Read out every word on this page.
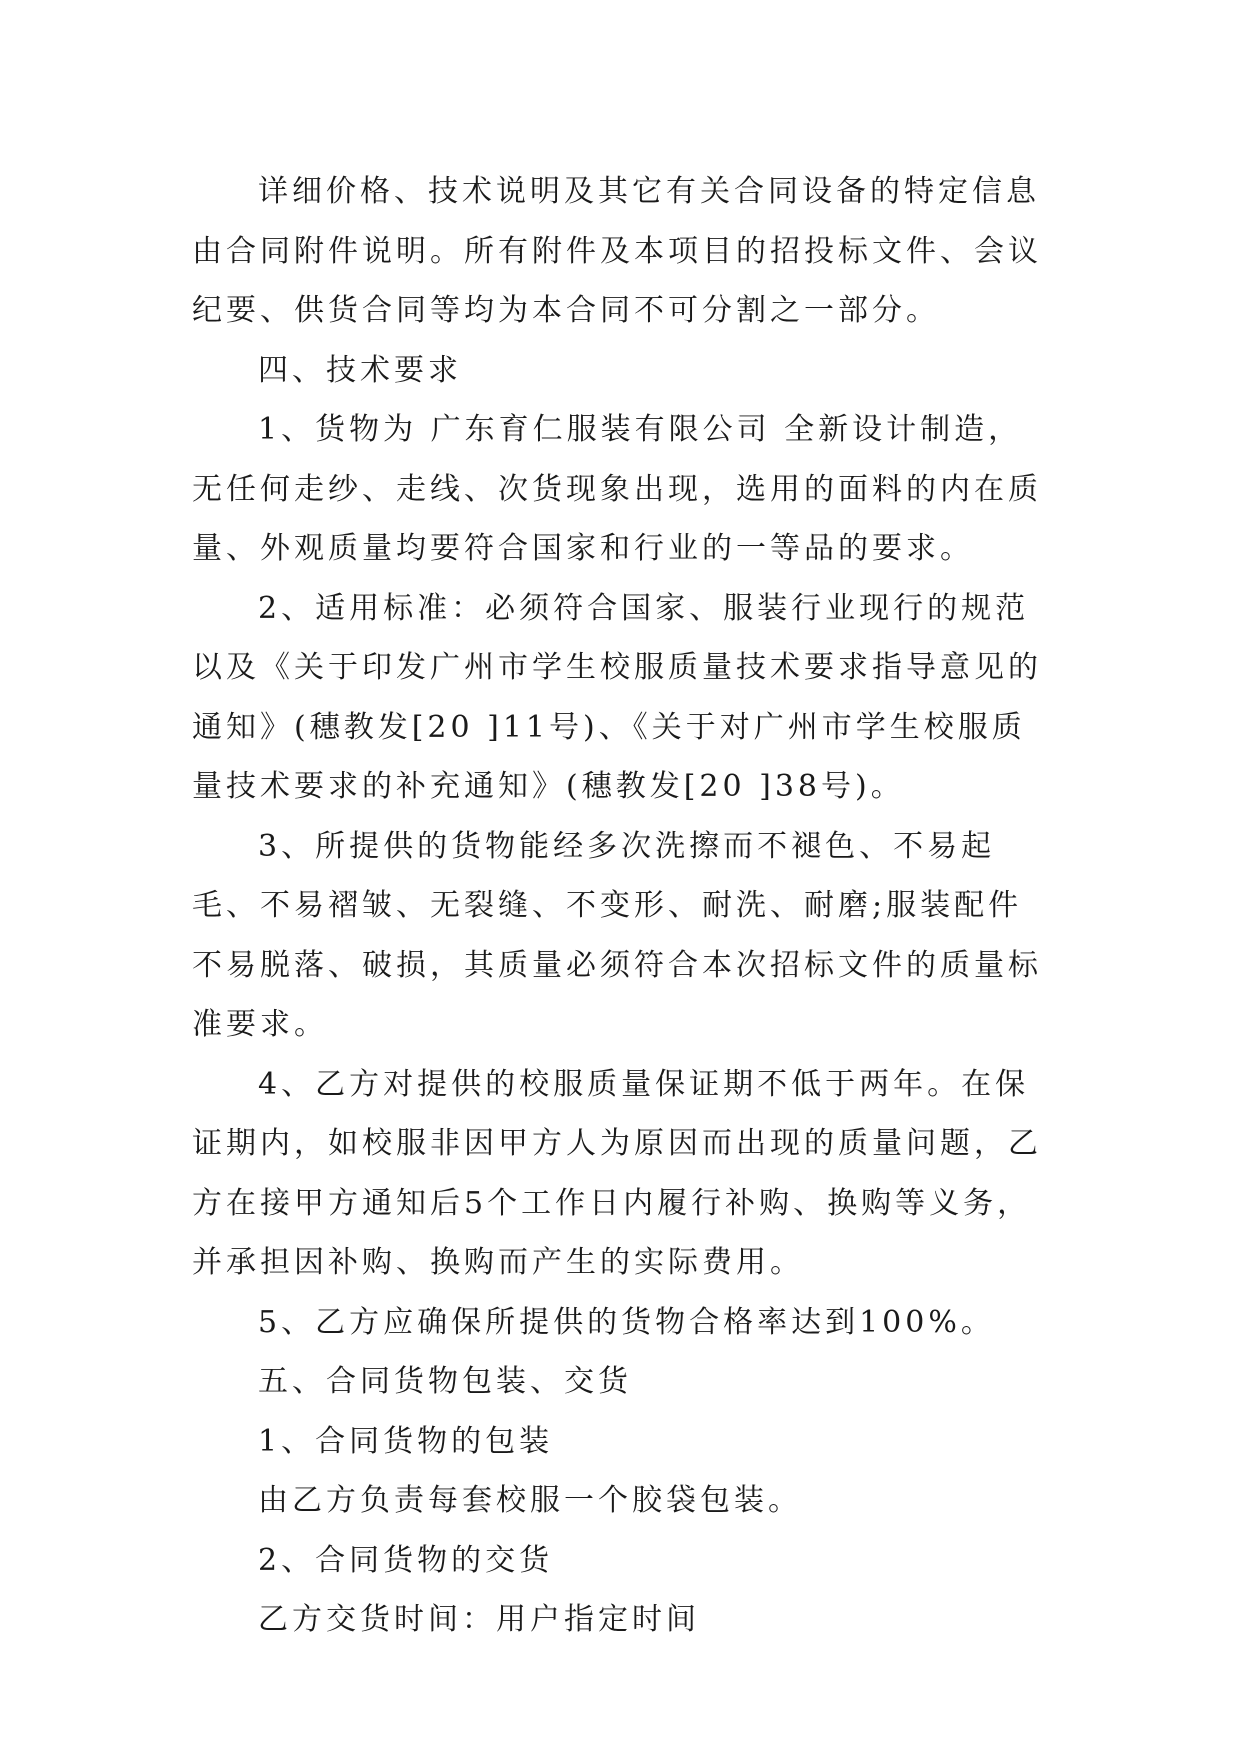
详细价格、技术说明及其它有关合同设备的特定信息由合同附件说明。所有附件及本项目的招投标文件、会议纪要、供货合同等均为本合同不可分割之一部分。

四、技术要求

1、货物为 广东育仁服装有限公司 全新设计制造，无任何走纱、走线、次货现象出现，选用的面料的内在质量、外观质量均要符合国家和行业的一等品的要求。

2、适用标准：必须符合国家、服装行业现行的规范以及《关于印发广州市学生校服质量技术要求指导意见的通知》(穗教发[20 ]11号)、《关于对广州市学生校服质量技术要求的补充通知》(穗教发[20 ]38号)。

3、所提供的货物能经多次洗擦而不褪色、不易起毛、不易褶皱、无裂缝、不变形、耐洗、耐磨;服装配件不易脱落、破损，其质量必须符合本次招标文件的质量标准要求。

4、乙方对提供的校服质量保证期不低于两年。在保证期内，如校服非因甲方人为原因而出现的质量问题，乙方在接甲方通知后5个工作日内履行补购、换购等义务，并承担因补购、换购而产生的实际费用。

5、乙方应确保所提供的货物合格率达到100%。

五、合同货物包装、交货

1、合同货物的包装

由乙方负责每套校服一个胶袋包装。

2、合同货物的交货

乙方交货时间：用户指定时间
